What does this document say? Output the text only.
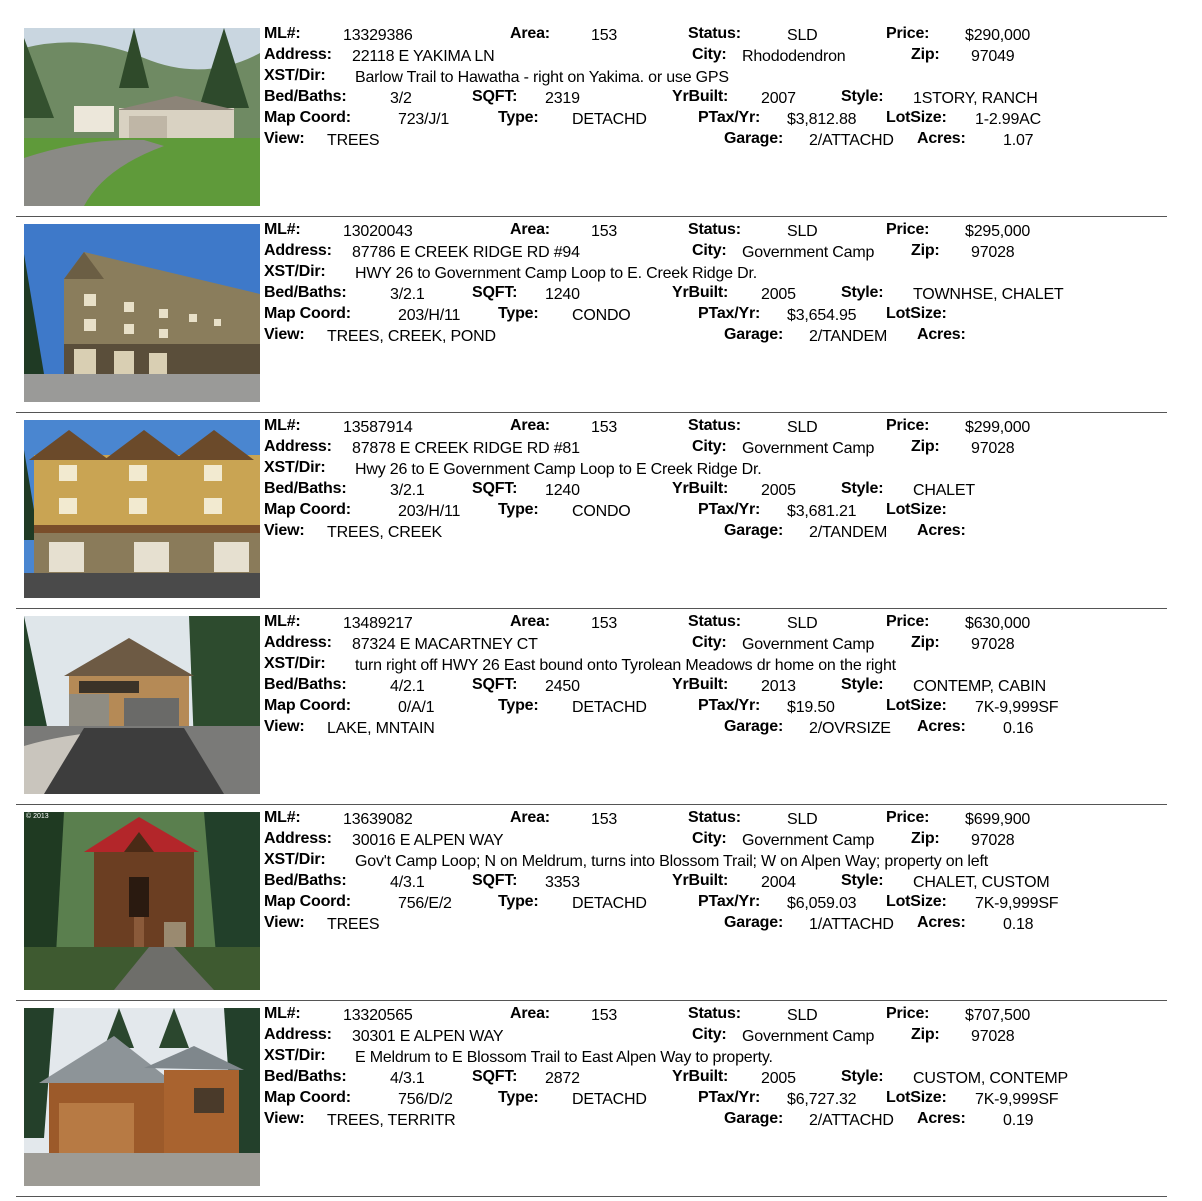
ML#:	13329386	Area:	153	Status:	SLD	Price: $290,000
Address: 22118 E YAKIMA LN	City: Rhododendron	Zip: 97049
XST/Dir: Barlow Trail to Hawatha - right on Yakima. or use GPS
Bed/Baths:	3/2	SQFT: 2319	YrBuilt: 2007	Style: 1STORY, RANCH
Map Coord:	723/J/1	Type: DETACHD	PTax/Yr: $3,812.88 LotSize: 1-2.99AC
View: TREES	Garage: 2/ATTACHD Acres: 1.07
ML#:	13020043	Area:	153	Status:	SLD	Price: $295,000
Address: 87786 E CREEK RIDGE RD #94	City: Government Camp Zip: 97028
XST/Dir: HWY 26 to Government Camp Loop to E. Creek Ridge Dr.
Bed/Baths:	3/2.1	SQFT: 1240	YrBuilt: 2005	Style: TOWNHSE, CHALET
Map Coord:	203/H/11 Type: CONDO	PTax/Yr: $3,654.95 LotSize:
View: TREES, CREEK, POND	Garage: 2/TANDEM Acres:
ML#:	13587914	Area:	153	Status:	SLD	Price: $299,000
Address: 87878 E CREEK RIDGE RD #81	City: Government Camp Zip: 97028
XST/Dir: Hwy 26 to E Government Camp Loop to E Creek Ridge Dr.
Bed/Baths:	3/2.1	SQFT: 1240	YrBuilt: 2005	Style: CHALET
Map Coord:	203/H/11 Type: CONDO	PTax/Yr: $3,681.21 LotSize:
View: TREES, CREEK	Garage: 2/TANDEM Acres:
ML#:	13489217	Area:	153	Status:	SLD	Price: $630,000
Address: 87324 E MACARTNEY CT	City: Government Camp Zip: 97028
XST/Dir: turn right off HWY 26 East bound onto Tyrolean Meadows dr home on the right
Bed/Baths:	4/2.1	SQFT: 2450	YrBuilt: 2013	Style: CONTEMP, CABIN
Map Coord:	0/A/1	Type: DETACHD	PTax/Yr: $19.50	LotSize: 7K-9,999SF
View: LAKE, MNTAIN	Garage: 2/OVRSIZE Acres: 0.16
© 2013	ML#:	13639082	Area:	153	Status:	SLD	Price: $699,900
Address: 30016 E ALPEN WAY	City: Government Camp Zip: 97028
XST/Dir: Gov't Camp Loop; N on Meldrum, turns into Blossom Trail; W on Alpen Way; property on left
Bed/Baths:	4/3.1	SQFT: 3353	YrBuilt: 2004	Style: CHALET, CUSTOM
Map Coord:	756/E/2	Type: DETACHD	PTax/Yr: $6,059.03 LotSize: 7K-9,999SF
View: TREES	Garage: 1/ATTACHD Acres: 0.18
ML#:	13320565	Area:	153	Status:	SLD	Price: $707,500
Address: 30301 E ALPEN WAY	City: Government Camp Zip: 97028
XST/Dir: E Meldrum to E Blossom Trail to East Alpen Way to property.
Bed/Baths:	4/3.1	SQFT: 2872	YrBuilt: 2005	Style: CUSTOM, CONTEMP
Map Coord:	756/D/2	Type: DETACHD	PTax/Yr: $6,727.32 LotSize: 7K-9,999SF
View: TREES, TERRITR	Garage: 2/ATTACHD Acres: 0.19
